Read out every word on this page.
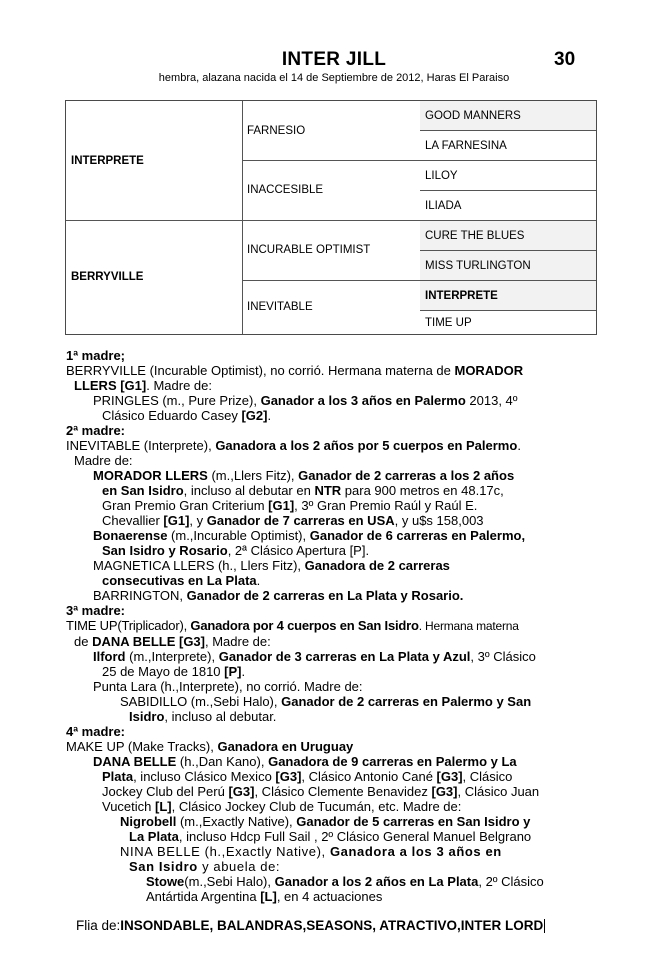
INTER JILL	30
hembra, alazana nacida el 14 de Septiembre de 2012, Haras El Paraiso
INTERPRETE
BERRYVILLE
FARNESIO
INACCESIBLE
INCURABLE OPTIMIST
INEVITABLE
GOOD MANNERS
LA FARNESINA
LILOY
ILIADA
CURE THE BLUES
MISS TURLINGTON
INTERPRETE
TIME UP
1ª madre;
BERRYVILLE (Incurable Optimist), no corrió. Hermana materna de MORADOR
LLERS [G1]. Madre de:
PRINGLES (m., Pure Prize), Ganador a los 3 años en Palermo 2013, 4º
Clásico Eduardo Casey [G2].
2ª madre:
INEVITABLE (Interprete), Ganadora a los 2 años por 5 cuerpos en Palermo.
Madre de:
MORADOR LLERS (m.,Llers Fitz), Ganador de 2 carreras a los 2 años
en San Isidro, incluso al debutar en NTR para 900 metros en 48.17c,
Gran Premio Gran Criterium [G1], 3º Gran Premio Raúl y Raúl E.
Chevallier [G1], y Ganador de 7 carreras en USA, y u$s 158,003
Bonaerense (m.,Incurable Optimist), Ganador de 6 carreras en Palermo,
San Isidro y Rosario, 2ª Clásico Apertura [P].
MAGNETICA LLERS (h., Llers Fitz), Ganadora de 2 carreras
consecutivas en La Plata.
BARRINGTON, Ganador de 2 carreras en La Plata y Rosario.
3ª madre:
TIME UP(Triplicador), Ganadora por 4 cuerpos en San Isidro. Hermana materna
de DANA BELLE [G3], Madre de:
Ilford (m.,Interprete), Ganador de 3 carreras en La Plata y Azul, 3º Clásico
25 de Mayo de 1810 [P].
Punta Lara (h.,Interprete), no corrió. Madre de:
SABIDILLO (m.,Sebi Halo), Ganador de 2 carreras en Palermo y San
Isidro, incluso al debutar.
4ª madre:
MAKE UP (Make Tracks), Ganadora en Uruguay
DANA BELLE (h.,Dan Kano), Ganadora de 9 carreras en Palermo y La
Plata, incluso Clásico Mexico [G3], Clásico Antonio Cané [G3], Clásico
Jockey Club del Perú [G3], Clásico Clemente Benavidez [G3], Clásico Juan
Vucetich [L], Clásico Jockey Club de Tucumán, etc. Madre de:
Nigrobell (m.,Exactly Native), Ganador de 5 carreras en San Isidro y
La Plata, incluso Hdcp Full Sail , 2º Clásico General Manuel Belgrano
NINA BELLE (h.,Exactly Native), Ganadora a los 3 años en
San Isidro y abuela de:
Stowe(m.,Sebi Halo), Ganador a los 2 años en La Plata, 2º Clásico
Antártida Argentina [L], en 4 actuaciones
Flia de:INSONDABLE, BALANDRAS,SEASONS, ATRACTIVO,INTER LORD
